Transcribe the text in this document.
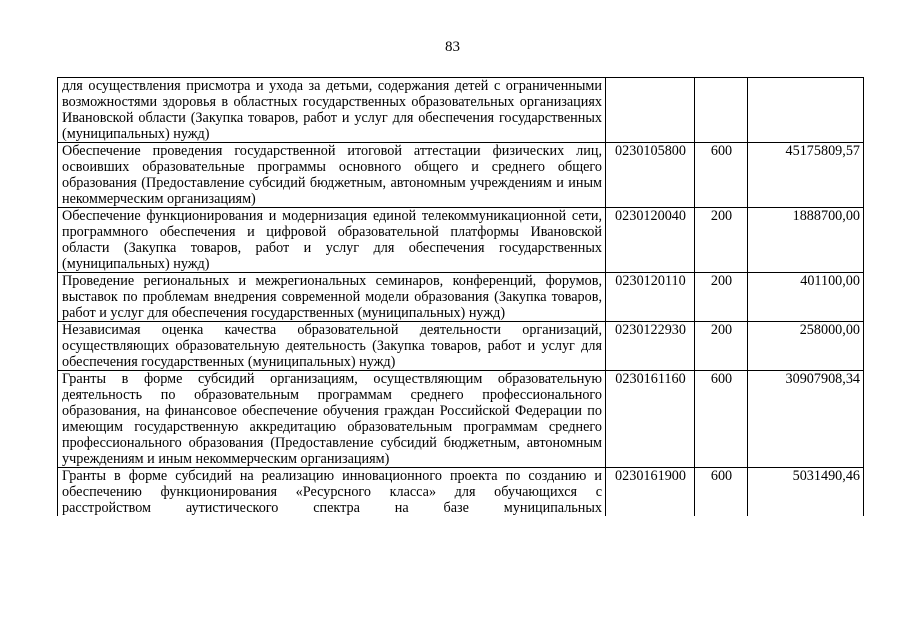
83
для осуществления присмотра и ухода за детьми, содержания детей с ограниченными возможностями здоровья в областных государственных образовательных организациях Ивановской области (Закупка товаров, работ и услуг для обеспечения государственных (муниципальных) нужд)			
Обеспечение проведения государственной итоговой аттестации физических лиц, освоивших образовательные программы основного общего и среднего общего образования (Предоставление субсидий бюджетным, автономным учреждениям и иным некоммерческим организациям)	0230105800	600	45175809,57
Обеспечение функционирования и модернизация единой телекоммуникационной сети, программного обеспечения и цифровой образовательной платформы Ивановской области (Закупка товаров, работ и услуг для обеспечения государственных (муниципальных) нужд)	0230120040	200	1888700,00
Проведение региональных и межрегиональных семинаров, конференций, форумов, выставок по проблемам внедрения современной модели образования (Закупка товаров, работ и услуг для обеспечения государственных (муниципальных) нужд)	0230120110	200	401100,00
Независимая оценка качества образовательной деятельности организаций, осуществляющих образовательную деятельность (Закупка товаров, работ и услуг для обеспечения государственных (муниципальных) нужд)	0230122930	200	258000,00
Гранты в форме субсидий организациям, осуществляющим образовательную деятельность по образовательным программам среднего профессионального образования, на финансовое обеспечение обучения граждан Российской Федерации по имеющим государственную аккредитацию образовательным программам среднего профессионального образования (Предоставление субсидий бюджетным, автономным учреждениям и иным некоммерческим организациям)	0230161160	600	30907908,34
Гранты в форме субсидий на реализацию инновационного проекта по созданию и обеспечению функционирования «Ресурсного класса» для обучающихся с расстройством аутистического спектра на базе муниципальных	0230161900	600	5031490,46
